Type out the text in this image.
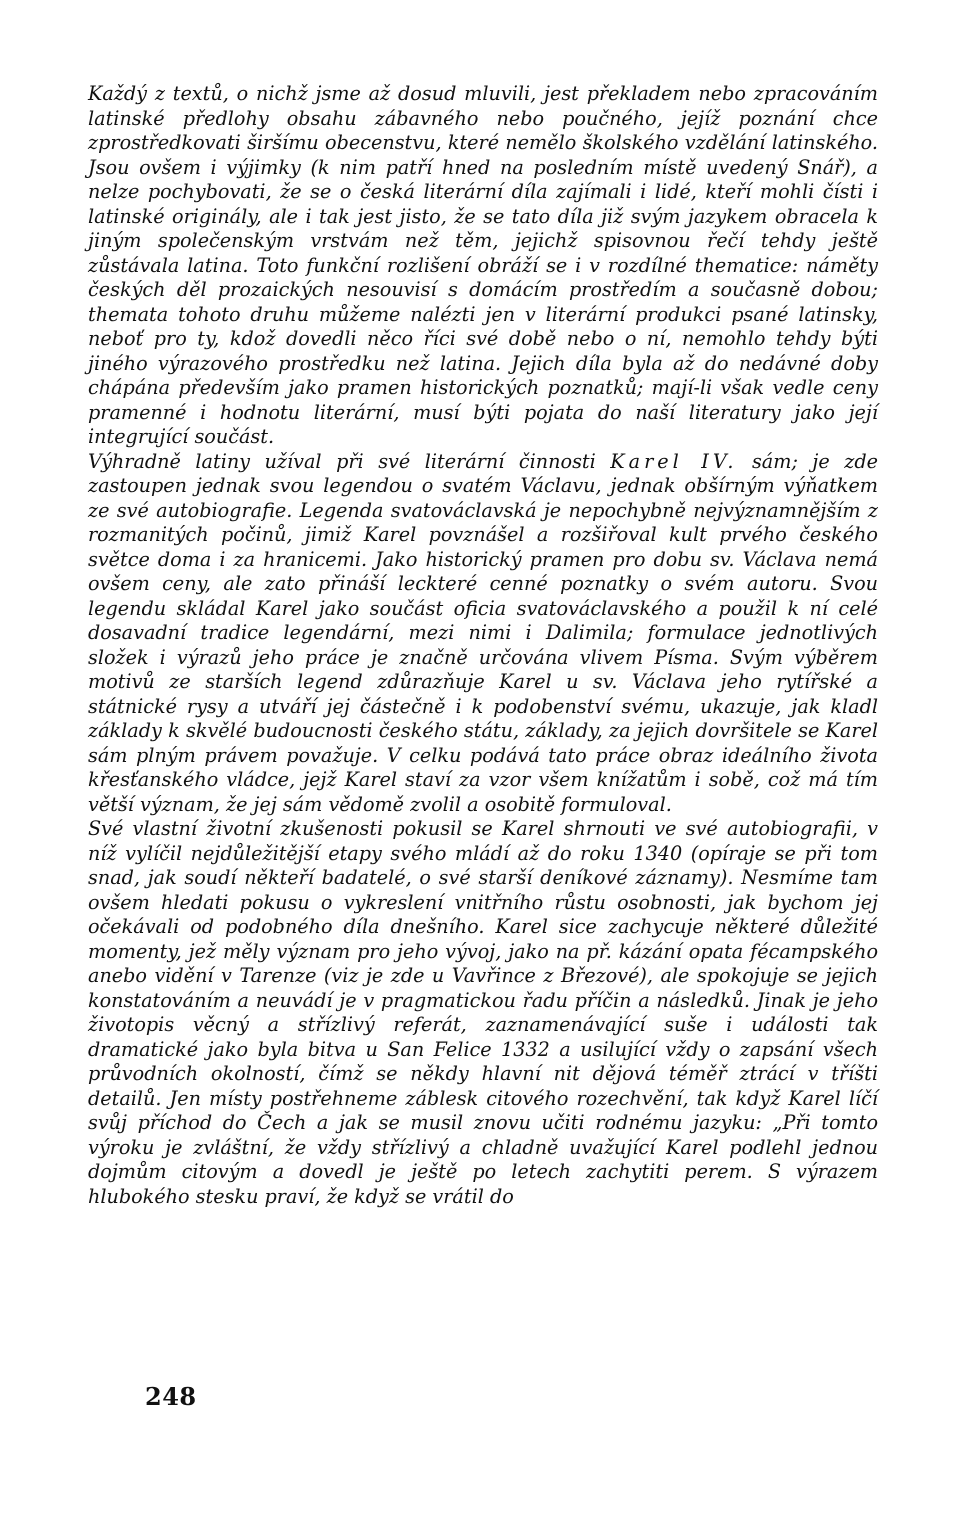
Každý z textů, o nichž jsme až dosud mluvili, jest překladem nebo zpracováním latinské předlohy obsahu zábavného nebo poučného, jejíž poznání chce zprostředkovati širšímu obecenstvu, které nemělo školského vzdělání latinského. Jsou ovšem i výjimky (k nim patří hned na posledním místě uvedený Snář), a nelze pochybovati, že se o česká literární díla zajímali i lidé, kteří mohli čísti i latinské originály, ale i tak jest jisto, že se tato díla již svým jazykem obracela k jiným společenským vrstvám než těm, jejichž spisovnou řečí tehdy ještě zůstávala latina. Toto funkční rozlišení obráží se i v rozdílné thematice: náměty českých děl prozaických nesouvisí s domácím prostředím a současně dobou; themata tohoto druhu můžeme nalézti jen v literární produkci psané latinsky, neboť pro ty, kdož dovedli něco říci své době nebo o ní, nemohlo tehdy býti jiného výrazového prostředku než latina. Jejich díla byla až do nedávné doby chápána především jako pramen historických poznatků; mají-li však vedle ceny pramenné i hodnotu literární, musí býti pojata do naší literatury jako její integrující součást.

Výhradně latiny užíval při své literární činnosti Karel IV. sám; je zde zastoupen jednak svou legendou o svatém Václavu, jednak obšírným výňatkem ze své autobiografie. Legenda svatováclavská je nepochybně nejvýznamnějším z rozmanitých počinů, jimiž Karel povznášel a rozšiřoval kult prvého českého světce doma i za hranicemi. Jako historický pramen pro dobu sv. Václava nemá ovšem ceny, ale zato přináší leckteré cenné poznatky o svém autoru. Svou legendu skládal Karel jako součást oficia svatováclavského a použil k ní celé dosavadní tradice legendární, mezi nimi i Dalimila; formulace jednotlivých složek i výrazů jeho práce je značně určována vlivem Písma. Svým výběrem motivů ze starších legend zdůrazňuje Karel u sv. Václava jeho rytířské a státnické rysy a utváří jej částečně i k podobenství svému, ukazuje, jak kladl základy k skvělé budoucnosti českého státu, základy, za jejich dovršitele se Karel sám plným právem považuje. V celku podává tato práce obraz ideálního života křesťanského vládce, jejž Karel staví za vzor všem knížatům i sobě, což má tím větší význam, že jej sám vědomě zvolil a osobitě formuloval.

Své vlastní životní zkušenosti pokusil se Karel shrnouti ve své autobiografii, v níž vylíčil nejdůležitější etapy svého mládí až do roku 1340 (opíraje se při tom snad, jak soudí někteří badatelé, o své starší deníkové záznamy). Nesmíme tam ovšem hledati pokusu o vykreslení vnitřního růstu osobnosti, jak bychom jej očekávali od podobného díla dnešního. Karel sice zachycuje některé důležité momenty, jež měly význam pro jeho vývoj, jako na př. kázání opata fécampského anebo vidění v Tarenze (viz je zde u Vavřince z Březové), ale spokojuje se jejich konstatováním a neuvádí je v pragmatickou řadu příčin a následků. Jinak je jeho životopis věcný a střízlivý referát, zaznamenávající suše i události tak dramatické jako byla bitva u San Felice 1332 a usilující vždy o zapsání všech průvodních okolností, čímž se někdy hlavní nit dějová téměř ztrácí v tříšti detailů. Jen místy postřehneme záblesk citového rozechvění, tak když Karel líčí svůj příchod do Čech a jak se musil znovu učiti rodnému jazyku: „Při tomto výroku je zvláštní, že vždy střízlivý a chladně uvažující Karel podlehl jednou dojmům citovým a dovedl je ještě po letech zachytiti perem. S výrazem hlubokého stesku praví, že když se vrátil do

248
